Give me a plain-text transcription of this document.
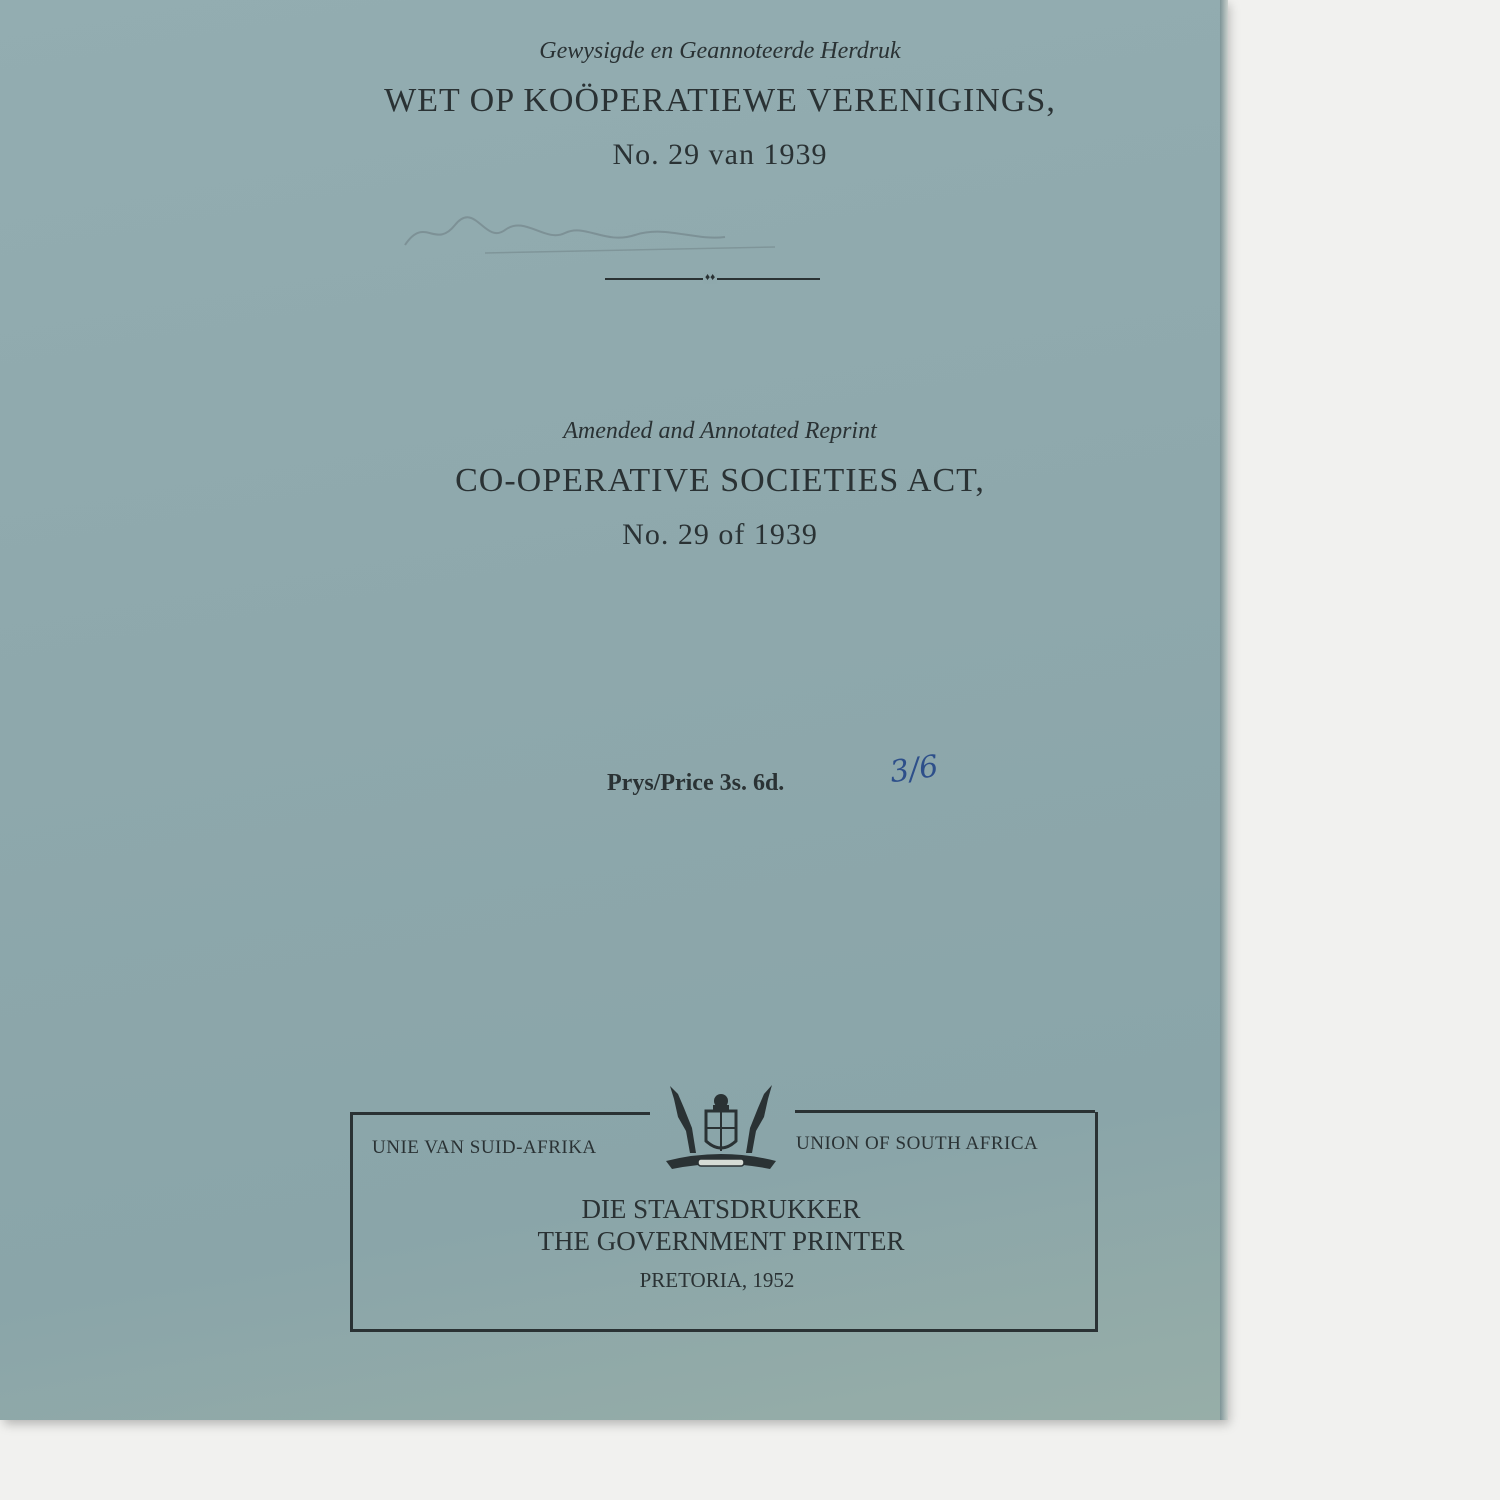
Gewysigde en Geannoteerde Herdruk
WET OP KOÖPERATIEWE VERENIGINGS,
No. 29 van 1939
♦♦
Amended and Annotated Reprint
CO-OPERATIVE SOCIETIES ACT,
No. 29 of 1939
Prys/Price 3s. 6d.	3/6
UNIE VAN SUID-AFRIKA	UNION OF SOUTH AFRICA
DIE STAATSDRUKKER
THE GOVERNMENT PRINTER
PRETORIA, 1952
